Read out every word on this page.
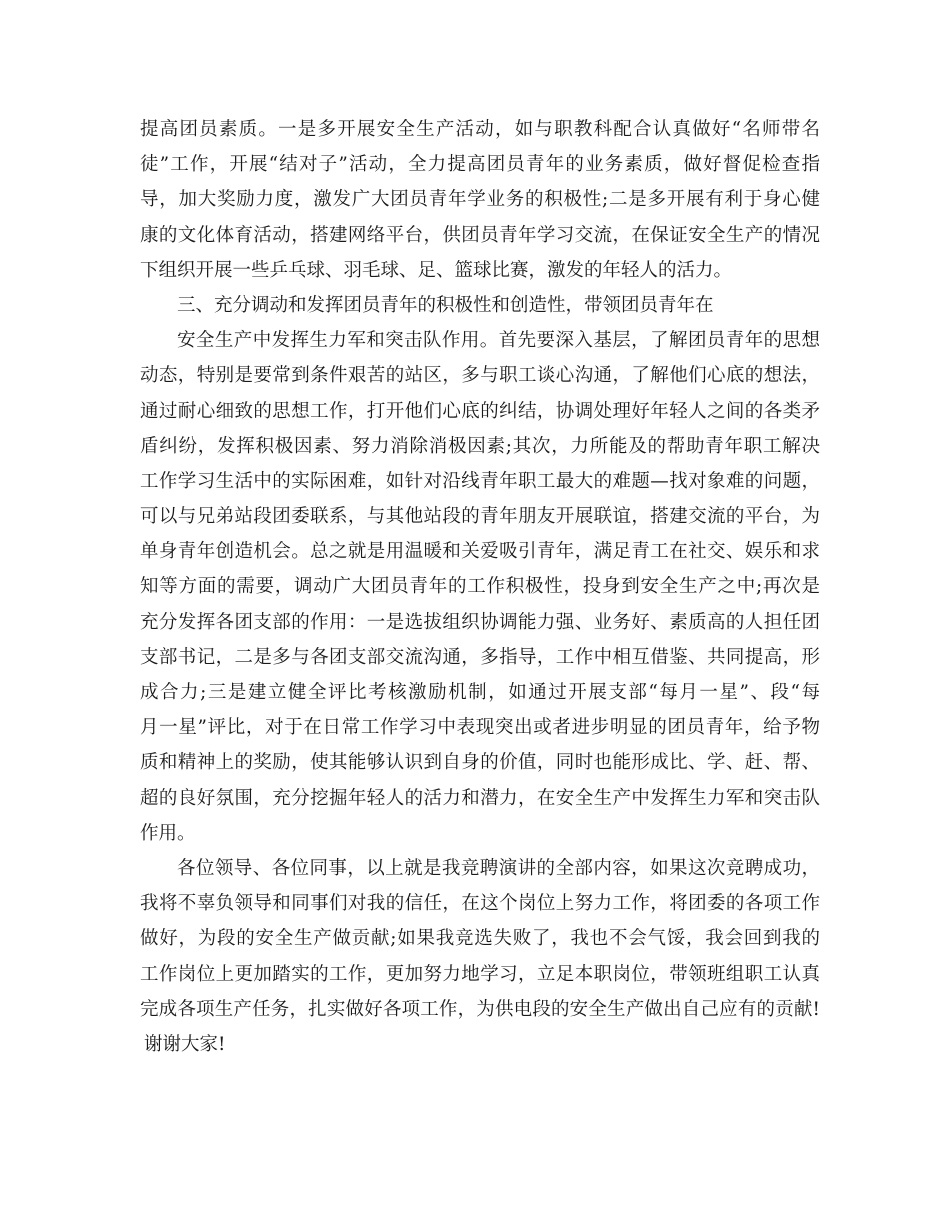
提高团员素质。一是多开展安全生产活动，如与职教科配合认真做好“名师带名
徒”工作，开展“结对子”活动，全力提高团员青年的业务素质，做好督促检查指
导，加大奖励力度，激发广大团员青年学业务的积极性;二是多开展有利于身心健
康的文化体育活动，搭建网络平台，供团员青年学习交流，在保证安全生产的情况
下组织开展一些乒乓球、羽毛球、足、篮球比赛，激发的年轻人的活力。
三、充分调动和发挥团员青年的积极性和创造性，带领团员青年在
安全生产中发挥生力军和突击队作用。首先要深入基层，了解团员青年的思想
动态，特别是要常到条件艰苦的站区，多与职工谈心沟通，了解他们心底的想法，
通过耐心细致的思想工作，打开他们心底的纠结，协调处理好年轻人之间的各类矛
盾纠纷，发挥积极因素、努力消除消极因素;其次，力所能及的帮助青年职工解决
工作学习生活中的实际困难，如针对沿线青年职工最大的难题—找对象难的问题，
可以与兄弟站段团委联系，与其他站段的青年朋友开展联谊，搭建交流的平台，为
单身青年创造机会。总之就是用温暖和关爱吸引青年，满足青工在社交、娱乐和求
知等方面的需要，调动广大团员青年的工作积极性，投身到安全生产之中;再次是
充分发挥各团支部的作用：一是选拔组织协调能力强、业务好、素质高的人担任团
支部书记，二是多与各团支部交流沟通，多指导，工作中相互借鉴、共同提高，形
成合力;三是建立健全评比考核激励机制，如通过开展支部“每月一星”、段“每
月一星”评比，对于在日常工作学习中表现突出或者进步明显的团员青年，给予物
质和精神上的奖励，使其能够认识到自身的价值，同时也能形成比、学、赶、帮、
超的良好氛围，充分挖掘年轻人的活力和潜力，在安全生产中发挥生力军和突击队
作用。
各位领导、各位同事，以上就是我竞聘演讲的全部内容，如果这次竞聘成功，
我将不辜负领导和同事们对我的信任，在这个岗位上努力工作，将团委的各项工作
做好，为段的安全生产做贡献;如果我竞选失败了，我也不会气馁，我会回到我的
工作岗位上更加踏实的工作，更加努力地学习，立足本职岗位，带领班组职工认真
完成各项生产任务，扎实做好各项工作，为供电段的安全生产做出自己应有的贡献!
谢谢大家!
